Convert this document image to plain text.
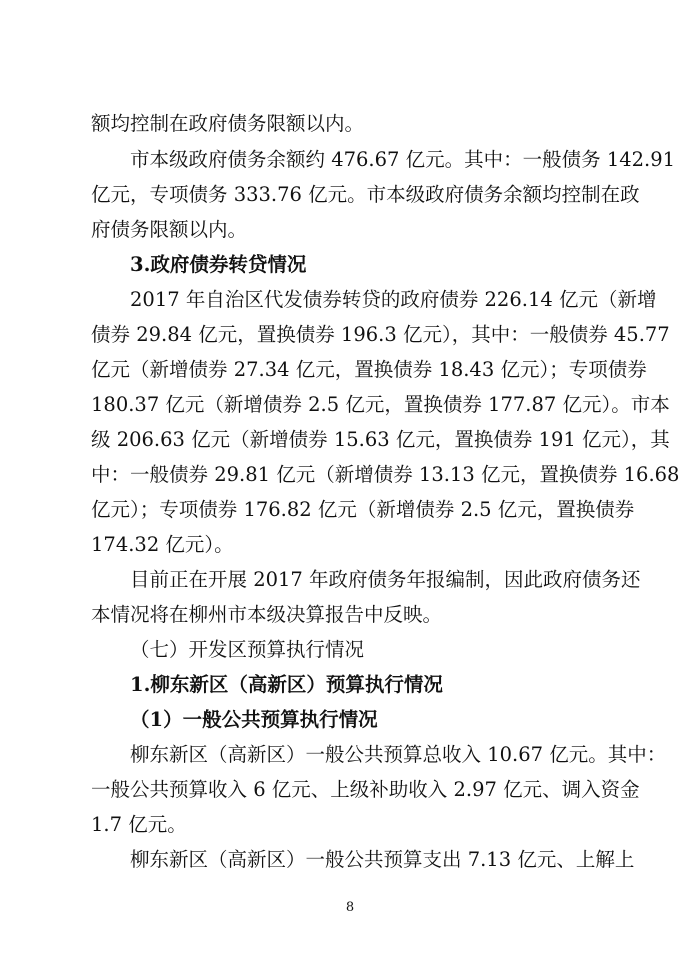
额均控制在政府债务限额以内。
市本级政府债务余额约 476.67 亿元。其中：一般债务 142.91
亿元，专项债务 333.76 亿元。市本级政府债务余额均控制在政
府债务限额以内。
3.政府债券转贷情况
2017 年自治区代发债券转贷的政府债券 226.14 亿元（新增
债券 29.84 亿元，置换债券 196.3 亿元），其中：一般债券 45.77
亿元（新增债券 27.34 亿元，置换债券 18.43 亿元）；专项债券
180.37 亿元（新增债券 2.5 亿元，置换债券 177.87 亿元）。市本
级 206.63 亿元（新增债券 15.63 亿元，置换债券 191 亿元），其
中：一般债券 29.81 亿元（新增债券 13.13 亿元，置换债券 16.68
亿元）；专项债券 176.82 亿元（新增债券 2.5 亿元，置换债券
174.32 亿元）。
目前正在开展 2017 年政府债务年报编制，因此政府债务还
本情况将在柳州市本级决算报告中反映。
（七）开发区预算执行情况
1.柳东新区（高新区）预算执行情况
（1）一般公共预算执行情况
柳东新区（高新区）一般公共预算总收入 10.67 亿元。其中：
一般公共预算收入 6 亿元、上级补助收入 2.97 亿元、调入资金
1.7 亿元。
柳东新区（高新区）一般公共预算支出 7.13 亿元、上解上
8
